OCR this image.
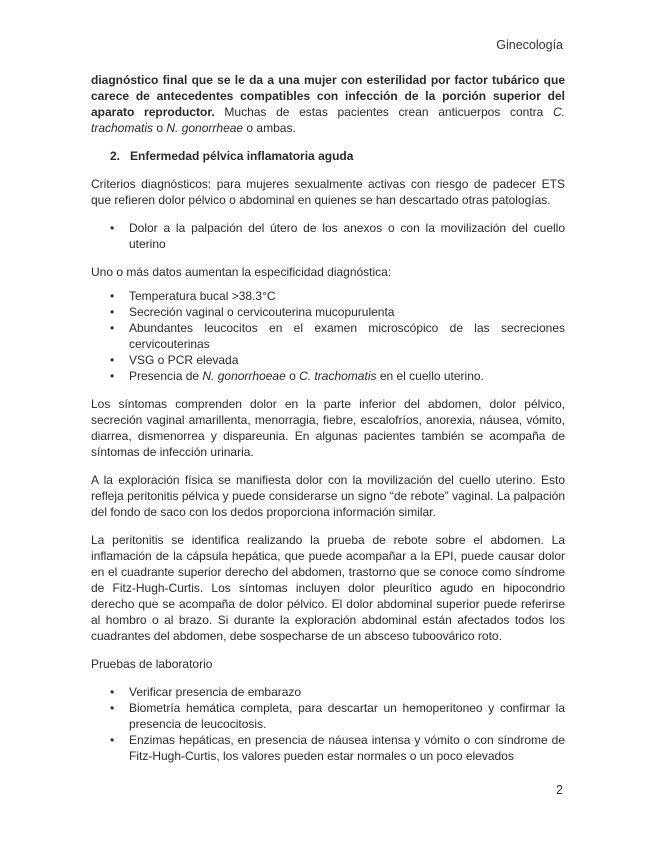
Ginecología

diagnóstico final que se le da a una mujer con esterilidad por factor tubárico que carece de antecedentes compatibles con infección de la porción superior del aparato reproductor. Muchas de estas pacientes crean anticuerpos contra C. trachomatis o N. gonorrheae o ambas.

2. Enfermedad pélvica inflamatoria aguda

Criterios diagnósticos: para mujeres sexualmente activas con riesgo de padecer ETS que refieren dolor pélvico o abdominal en quienes se han descartado otras patologías.

• Dolor a la palpación del útero de los anexos o con la movilización del cuello uterino

Uno o más datos aumentan la especificidad diagnóstica:

• Temperatura bucal >38.3°C
• Secreción vaginal o cervicouterina mucopurulenta
• Abundantes leucocitos en el examen microscópico de las secreciones cervicouterinas
• VSG o PCR elevada
• Presencia de N. gonorrhoeae o C. trachomatis en el cuello uterino.

Los síntomas comprenden dolor en la parte inferior del abdomen, dolor pélvico, secreción vaginal amarillenta, menorragia, fiebre, escalofríos, anorexia, náusea, vómito, diarrea, dismenorrea y dispareunia. En algunas pacientes también se acompaña de síntomas de infección urinaria.

A la exploración física se manifiesta dolor con la movilización del cuello uterino. Esto refleja peritonitis pélvica y puede considerarse un signo “de rebote” vaginal. La palpación del fondo de saco con los dedos proporciona información similar.

La peritonitis se identifica realizando la prueba de rebote sobre el abdomen. La inflamación de la cápsula hepática, que puede acompañar a la EPI, puede causar dolor en el cuadrante superior derecho del abdomen, trastorno que se conoce como síndrome de Fitz-Hugh-Curtis. Los síntomas incluyen dolor pleurítico agudo en hipocondrio derecho que se acompaña de dolor pélvico. El dolor abdominal superior puede referirse al hombro o al brazo. Si durante la exploración abdominal están afectados todos los cuadrantes del abdomen, debe sospecharse de un absceso tuboovárico roto.

Pruebas de laboratorio

• Verificar presencia de embarazo
• Biometría hemática completa, para descartar un hemoperitoneo y confirmar la presencia de leucocitosis.
• Enzimas hepáticas, en presencia de náusea intensa y vómito o con síndrome de Fitz-Hugh-Curtis, los valores pueden estar normales o un poco elevados
2
